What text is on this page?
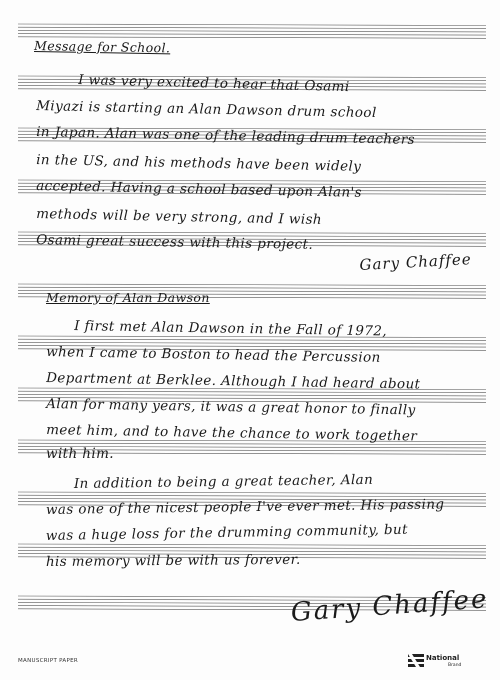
Message for School.
I was very excited to hear that Osami
Miyazi is starting an Alan Dawson drum school
in Japan. Alan was one of the leading drum teachers
in the US, and his methods have been widely
accepted. Having a school based upon Alan's
methods will be very strong, and I wish
Osami great success with this project.
Gary Chaffee
Memory of Alan Dawson
I first met Alan Dawson in the Fall of 1972,
when I came to Boston to head the Percussion
Department at Berklee. Although I had heard about
Alan for many years, it was a great honor to finally
meet him, and to have the chance to work together
with him.
In addition to being a great teacher, Alan
was one of the nicest people I've ever met. His passing
was a huge loss for the drumming community, but
his memory will be with us forever.
Gary Chaffee
MANUSCRIPT PAPER	National
Brand
